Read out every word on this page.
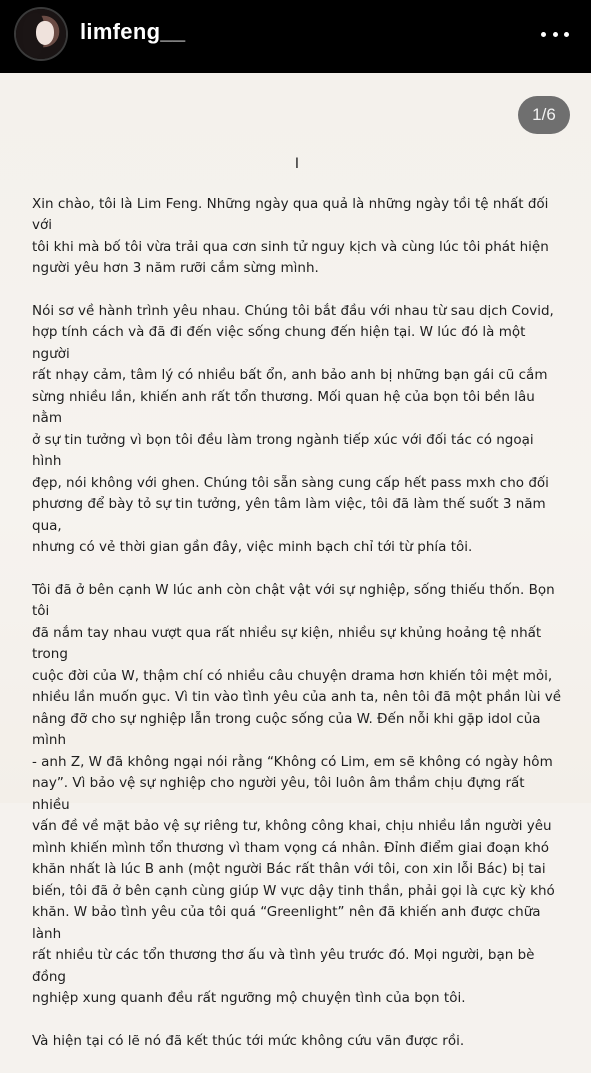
limfeng__
1/6
I

Xin chào, tôi là Lim Feng. Những ngày qua quả là những ngày tồi tệ nhất đối với
tôi khi mà bố tôi vừa trải qua cơn sinh tử nguy kịch và cùng lúc tôi phát hiện
người yêu hơn 3 năm rưỡi cắm sừng mình.

Nói sơ về hành trình yêu nhau. Chúng tôi bắt đầu với nhau từ sau dịch Covid,
hợp tính cách và đã đi đến việc sống chung đến hiện tại. W lúc đó là một người
rất nhạy cảm, tâm lý có nhiều bất ổn, anh bảo anh bị những bạn gái cũ cắm
sừng nhiều lần, khiến anh rất tổn thương. Mối quan hệ của bọn tôi bền lâu nằm
ở sự tin tưởng vì bọn tôi đều làm trong ngành tiếp xúc với đối tác có ngoại hình
đẹp, nói không với ghen. Chúng tôi sẵn sàng cung cấp hết pass mxh cho đối
phương để bày tỏ sự tin tưởng, yên tâm làm việc, tôi đã làm thế suốt 3 năm qua,
nhưng có vẻ thời gian gần đây, việc minh bạch chỉ tới từ phía tôi.

Tôi đã ở bên cạnh W lúc anh còn chật vật với sự nghiệp, sống thiếu thốn. Bọn tôi
đã nắm tay nhau vượt qua rất nhiều sự kiện, nhiều sự khủng hoảng tệ nhất trong
cuộc đời của W, thậm chí có nhiều câu chuyện drama hơn khiến tôi mệt mỏi,
nhiều lần muốn gục. Vì tin vào tình yêu của anh ta, nên tôi đã một phần lùi về
nâng đỡ cho sự nghiệp lẫn trong cuộc sống của W. Đến nỗi khi gặp idol của mình
- anh Z, W đã không ngại nói rằng “Không có Lim, em sẽ không có ngày hôm
nay”. Vì bảo vệ sự nghiệp cho người yêu, tôi luôn âm thầm chịu đựng rất nhiều
vấn đề về mặt bảo vệ sự riêng tư, không công khai, chịu nhiều lần người yêu
mình khiến mình tổn thương vì tham vọng cá nhân. Đỉnh điểm giai đoạn khó
khăn nhất là lúc B anh (một người Bác rất thân với tôi, con xin lỗi Bác) bị tai
biến, tôi đã ở bên cạnh cùng giúp W vực dậy tinh thần, phải gọi là cực kỳ khó
khăn. W bảo tình yêu của tôi quá “Greenlight” nên đã khiến anh được chữa lành
rất nhiều từ các tổn thương thơ ấu và tình yêu trước đó. Mọi người, bạn bè đồng
nghiệp xung quanh đều rất ngưỡng mộ chuyện tình của bọn tôi.

Và hiện tại có lẽ nó đã kết thúc tới mức không cứu vãn được rồi.
